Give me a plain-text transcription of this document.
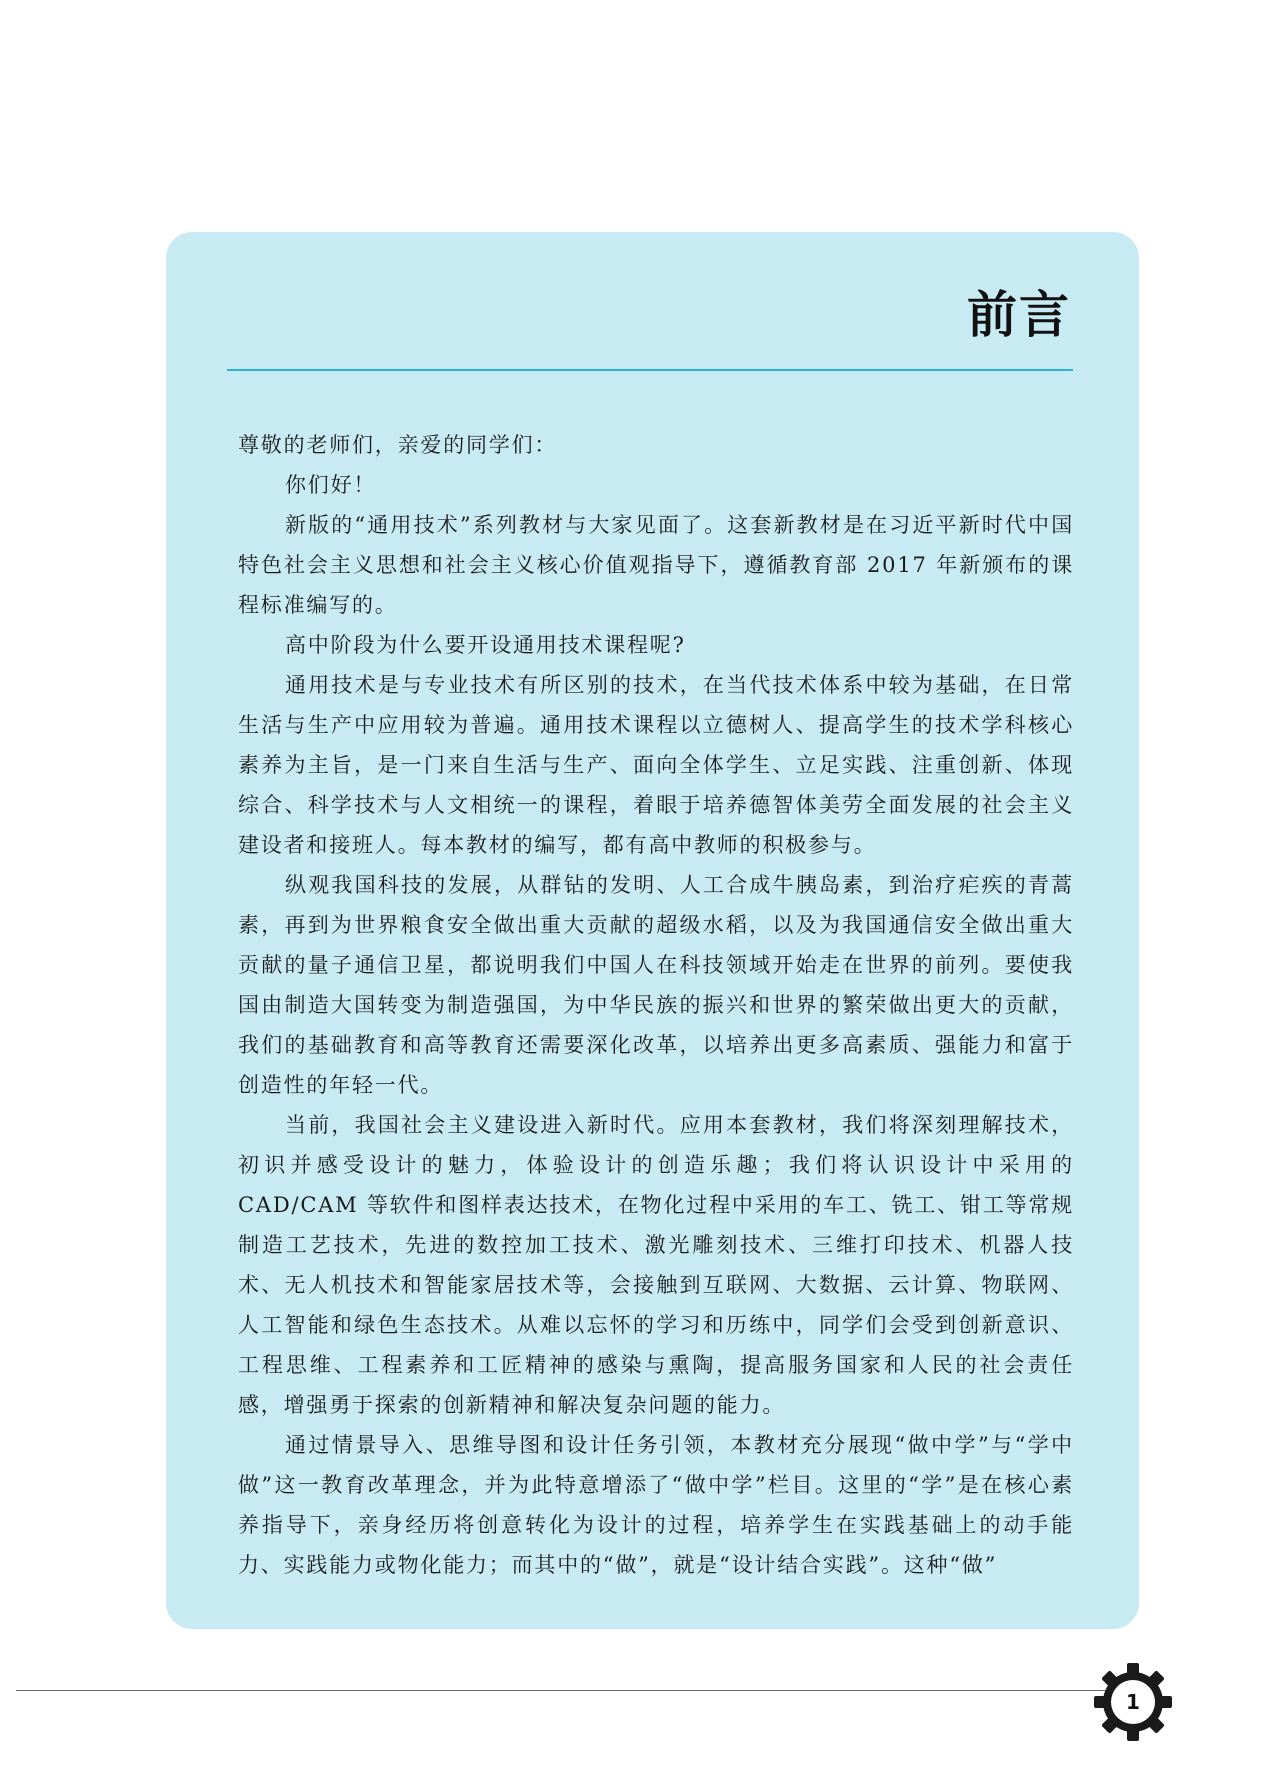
前言

尊敬的老师们，亲爱的同学们：

你们好！

新版的“通用技术”系列教材与大家见面了。这套新教材是在习近平新时代中国特色社会主义思想和社会主义核心价值观指导下，遵循教育部 2017 年新颁布的课程标准编写的。

高中阶段为什么要开设通用技术课程呢?

通用技术是与专业技术有所区别的技术，在当代技术体系中较为基础，在日常生活与生产中应用较为普遍。通用技术课程以立德树人、提高学生的技术学科核心素养为主旨，是一门来自生活与生产、面向全体学生、立足实践、注重创新、体现综合、科学技术与人文相统一的课程，着眼于培养德智体美劳全面发展的社会主义建设者和接班人。每本教材的编写，都有高中教师的积极参与。

纵观我国科技的发展，从群钻的发明、人工合成牛胰岛素，到治疗疟疾的青蒿素，再到为世界粮食安全做出重大贡献的超级水稻，以及为我国通信安全做出重大贡献的量子通信卫星，都说明我们中国人在科技领域开始走在世界的前列。要使我国由制造大国转变为制造强国，为中华民族的振兴和世界的繁荣做出更大的贡献，我们的基础教育和高等教育还需要深化改革，以培养出更多高素质、强能力和富于创造性的年轻一代。

当前，我国社会主义建设进入新时代。应用本套教材，我们将深刻理解技术，初识并感受设计的魅力，体验设计的创造乐趣；我们将认识设计中采用的 CAD/CAM 等软件和图样表达技术，在物化过程中采用的车工、铣工、钳工等常规制造工艺技术，先进的数控加工技术、激光雕刻技术、三维打印技术、机器人技术、无人机技术和智能家居技术等，会接触到互联网、大数据、云计算、物联网、人工智能和绿色生态技术。从难以忘怀的学习和历练中，同学们会受到创新意识、工程思维、工程素养和工匠精神的感染与熏陶，提高服务国家和人民的社会责任感，增强勇于探索的创新精神和解决复杂问题的能力。

通过情景导入、思维导图和设计任务引领，本教材充分展现“做中学”与“学中做”这一教育改革理念，并为此特意增添了“做中学”栏目。这里的“学”是在核心素养指导下，亲身经历将创意转化为设计的过程，培养学生在实践基础上的动手能力、实践能力或物化能力；而其中的“做”，就是“设计结合实践”。这种“做”

1
